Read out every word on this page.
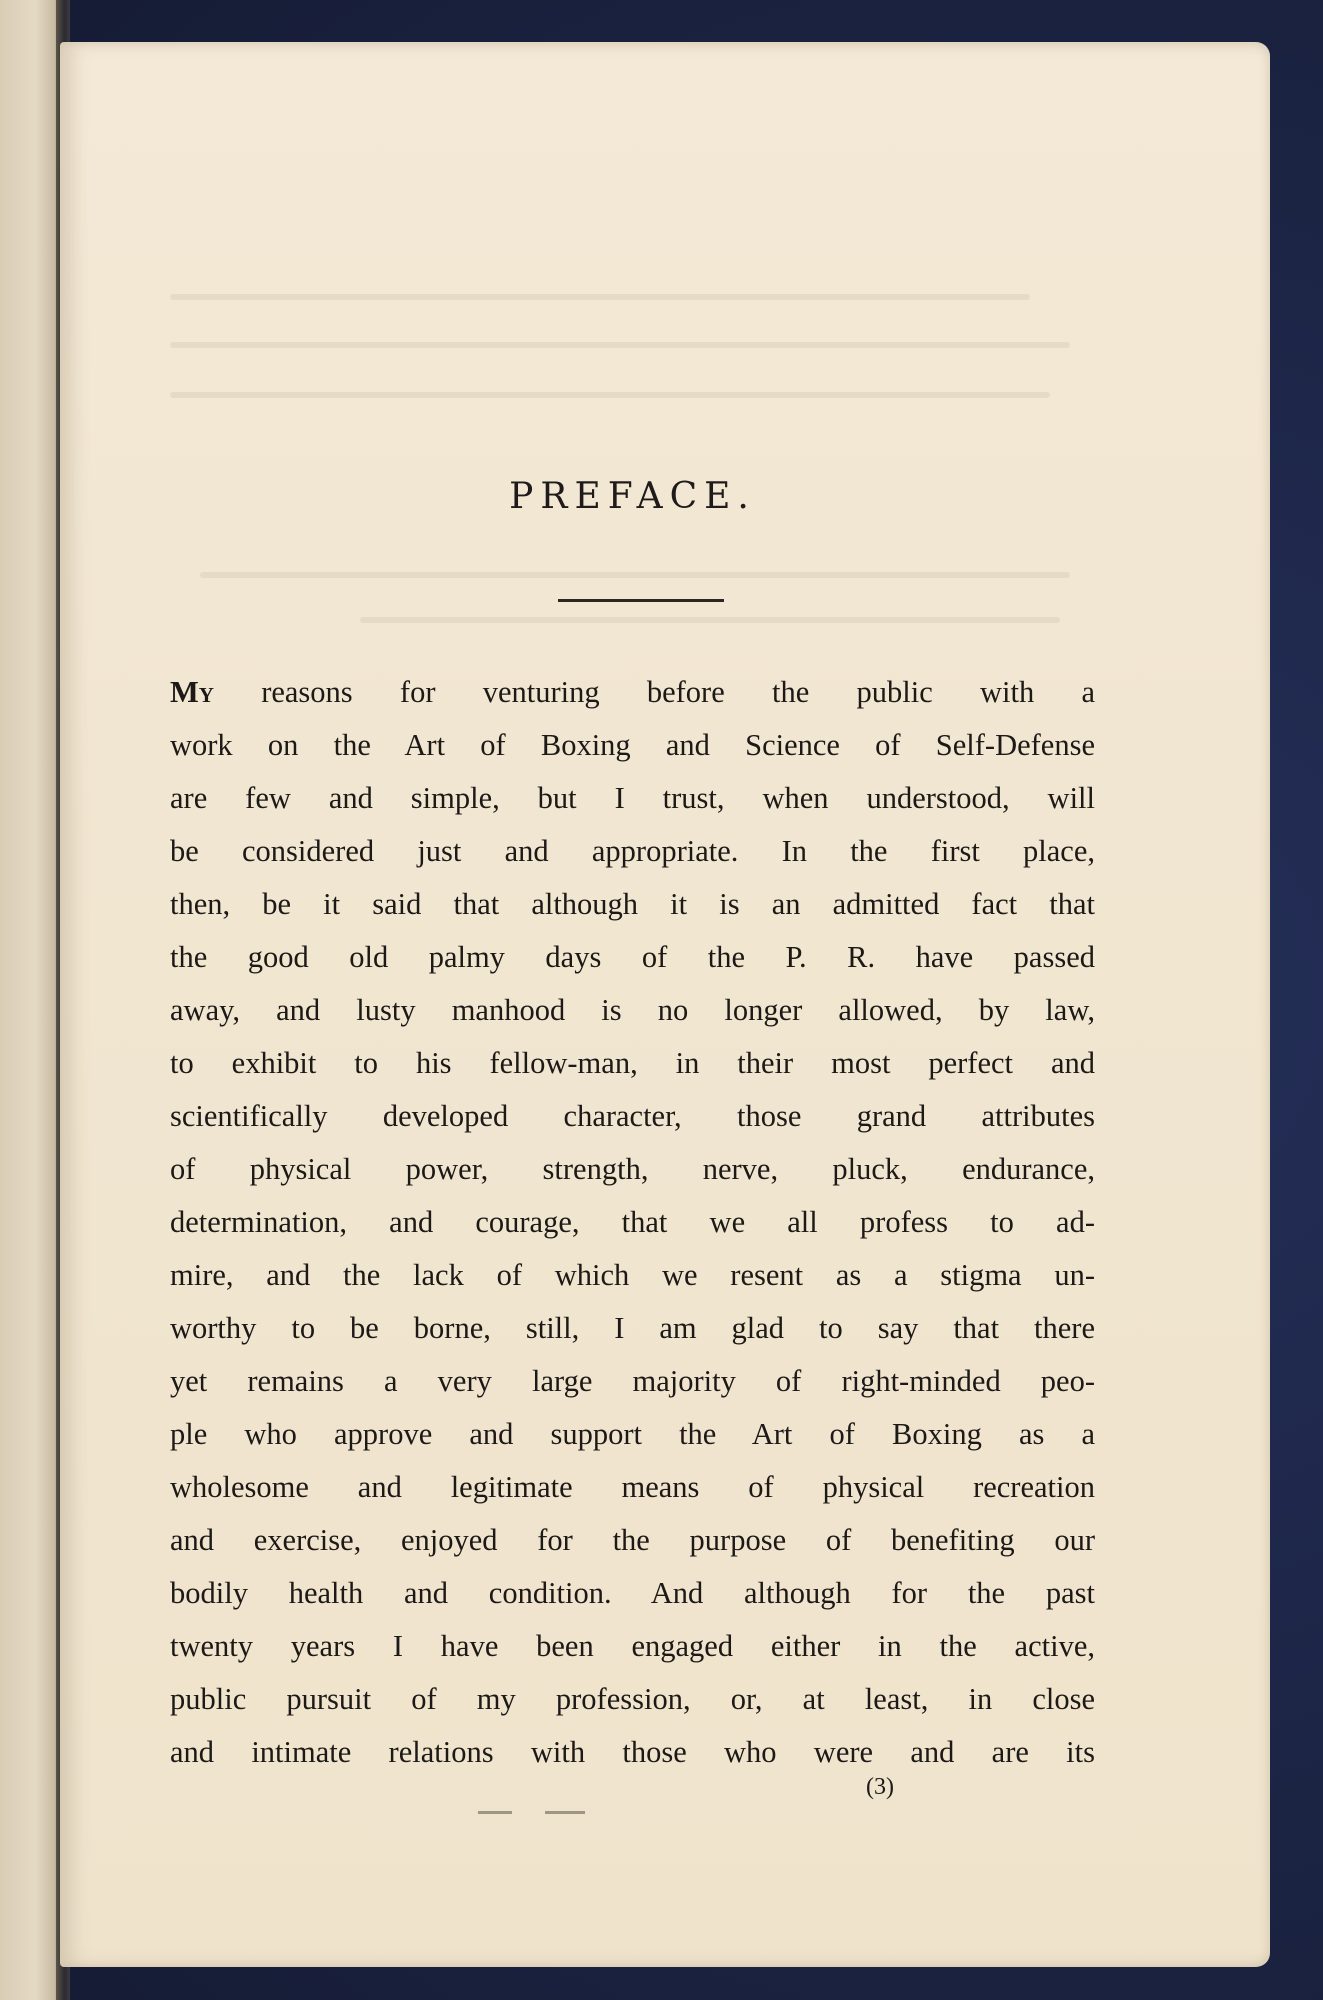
PREFACE.
My reasons for venturing before the public with a
work on the Art of Boxing and Science of Self-Defense
are few and simple, but I trust, when understood, will
be considered just and appropriate. In the first place,
then, be it said that although it is an admitted fact that
the good old palmy days of the P. R. have passed
away, and lusty manhood is no longer allowed, by law,
to exhibit to his fellow-man, in their most perfect and
scientifically developed character, those grand attributes
of physical power, strength, nerve, pluck, endurance,
determination, and courage, that we all profess to ad-
mire, and the lack of which we resent as a stigma un-
worthy to be borne, still, I am glad to say that there
yet remains a very large majority of right-minded peo-
ple who approve and support the Art of Boxing as a
wholesome and legitimate means of physical recreation
and exercise, enjoyed for the purpose of benefiting our
bodily health and condition. And although for the past
twenty years I have been engaged either in the active,
public pursuit of my profession, or, at least, in close
and intimate relations with those who were and are its
(3)
